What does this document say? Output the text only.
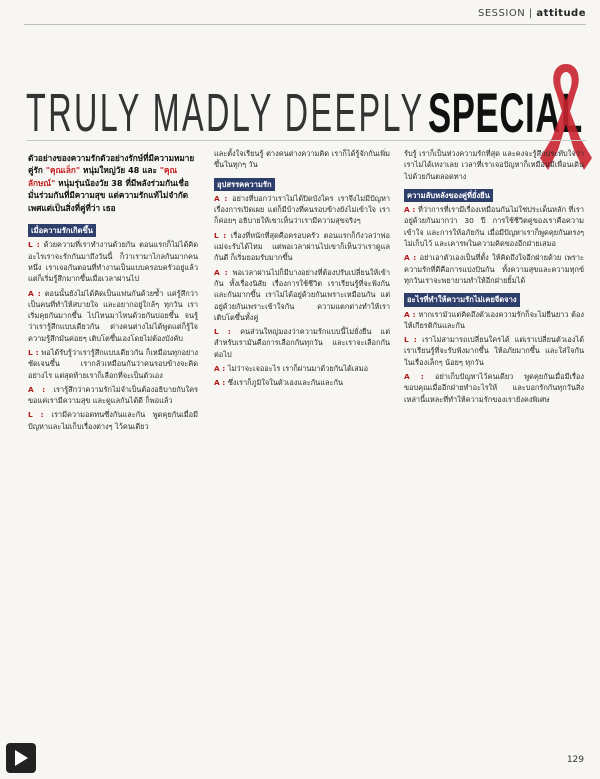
SESSION | attitude
TRULY MADLY DEEPLY SPECIAL
ตัวอย่างของความรักตัวอย่างรักษ์ที่มีความหมาย คู่รัก "คุณเล็ก" หนุ่มใหญ่วัย 48 และ "คุณลักษณ์" หนุ่มรุ่นน้องวัย 38 ที่มีพลังร่วมกันเชื่อมั่นร่วมกันที่มีความสุข แต่ความรักแท้ไม่จำกัดเพศแต่เป็นสิ่งที่คู่ที่ว่า เธอ
เมื่อความรักเกิดขึ้น
L : ด้วยความที่เราทำงานด้วยกัน ตอนแรกก็ไม่ได้คิดอะไรเราจะรักกันมาถึงวันนี้ ก็ว่าเรามาไกลกันมากคนหนึ่ง เราเจอกันตอนที่ทำงานเป็นแบบครอบครัวอยู่แล้ว แต่ก็เริ่มรู้สึกมากขึ้นเมื่อเวลาผ่านไป
A : ตอนนั้นยังไม่ได้คิดเป็นแฟนกันด้วยซ้ำ แค่รู้สึกว่าเป็นคนที่ทำให้สบายใจ และอยากอยู่ใกล้ๆ ทุกวัน เราเริ่มคุยกันมากขึ้น ไปไหนมาไหนด้วยกันบ่อยขึ้น จนรู้ว่าเรารู้สึกแบบเดียวกัน ต่างคนต่างไม่ได้พูดแต่ก็รู้ใจ ความรู้สึกมันค่อยๆ เติบโตขึ้นเองโดยไม่ต้องบังคับ
L : พอได้รับรู้ว่าเรารู้สึกแบบเดียวกัน ก็เหมือนทุกอย่างชัดเจนขึ้น เรากลัวเหมือนกันว่าคนรอบข้างจะคิดอย่างไร แต่สุดท้ายเราก็เลือกที่จะเป็นตัวเอง
A : เรารู้สึกว่าความรักไม่จำเป็นต้องอธิบายกับใคร ขอแค่เรามีความสุข และดูแลกันได้ดี ก็พอแล้ว
L : เรามีความอดทนซึ่งกันและกัน พูดคุยกันเมื่อมีปัญหาและไม่เก็บเรื่องต่างๆ ไว้คนเดียว
และตั้งใจเรียนรู้ ต่างคนต่างความคิด เราก็ได้รู้จักกันเพิ่มขึ้นในทุกๆ วัน
อุปสรรคความรัก
A : อย่างที่บอกว่าเราไม่ได้ปิดบังใคร เราจึงไม่มีปัญหาเรื่องการเปิดเผย แต่ก็มีบ้างที่คนรอบข้างยังไม่เข้าใจ เราก็ค่อยๆ อธิบายให้เขาเห็นว่าเรามีความสุขจริงๆ
L : เรื่องที่หนักที่สุดคือครอบครัว ตอนแรกก็กังวลว่าพ่อแม่จะรับได้ไหม แต่พอเวลาผ่านไปเขาก็เห็นว่าเราดูแลกันดี ก็เริ่มยอมรับมากขึ้น
A : พอเวลาผ่านไปก็มีบางอย่างที่ต้องปรับเปลี่ยนให้เข้ากัน ทั้งเรื่องนิสัย เรื่องการใช้ชีวิต เราเรียนรู้ที่จะฟังกันและกันมากขึ้น เราไม่ได้อยู่ด้วยกันเพราะเหมือนกัน แต่อยู่ด้วยกันเพราะเข้าใจกัน ความแตกต่างทำให้เราเติบโตขึ้นทั้งคู่
L : คนส่วนใหญ่มองว่าความรักแบบนี้ไม่ยั่งยืน แต่สำหรับเรามันคือการเลือกกันทุกวัน และเราจะเลือกกันต่อไป
A : ไม่ว่าจะเจออะไร เราก็ผ่านมาด้วยกันได้เสมอ
A : ซึ่งเราก็ภูมิใจในตัวเองและกันและกัน
รับรู้ เราก็เป็นห่วงความรักที่สุด และคงจะรู้สึกประทับใจว่าเราไม่ได้เหงาเลย เวลาที่เราเจอปัญหาก็เหมือนมีเพื่อนเดินไปด้วยกันตลอดทาง
ความลับหลังของคู่ที่ยั่งยืน
A : ที่ว่าการที่เรามีเรื่องเหมือนกันไม่ใช่ประเด็นหลัก ที่เราอยู่ด้วยกันมากว่า 30 ปี การใช้ชีวิตคู่ของเราคือความเข้าใจ และการให้อภัยกัน เมื่อมีปัญหาเราก็พูดคุยกันตรงๆ ไม่เก็บไว้ และเคารพในความคิดของอีกฝ่ายเสมอ
A : อย่าเอาตัวเองเป็นที่ตั้ง ให้คิดถึงใจอีกฝ่ายด้วย เพราะความรักที่ดีคือการแบ่งปันกัน ทั้งความสุขและความทุกข์ ทุกวันเราจะพยายามทำให้อีกฝ่ายยิ้มได้
อะไรที่ทำให้ความรักไม่เคยจืดจาง
A : หากเรามัวแต่คิดถึงตัวเองความรักก็จะไม่ยืนยาว ต้องให้เกียรติกันและกัน
L : เราไม่สามารถเปลี่ยนใครได้ แต่เราเปลี่ยนตัวเองได้ เราเรียนรู้ที่จะรับฟังมากขึ้น ให้อภัยมากขึ้น และใส่ใจกันในเรื่องเล็กๆ น้อยๆ ทุกวัน
A : อย่าเก็บปัญหาไว้คนเดียว พูดคุยกันเมื่อมีเรื่อง ขอบคุณเมื่ออีกฝ่ายทำอะไรให้ และบอกรักกันทุกวันสิ่งเหล่านี้แหละที่ทำให้ความรักของเรายังคงพิเศษ
129
